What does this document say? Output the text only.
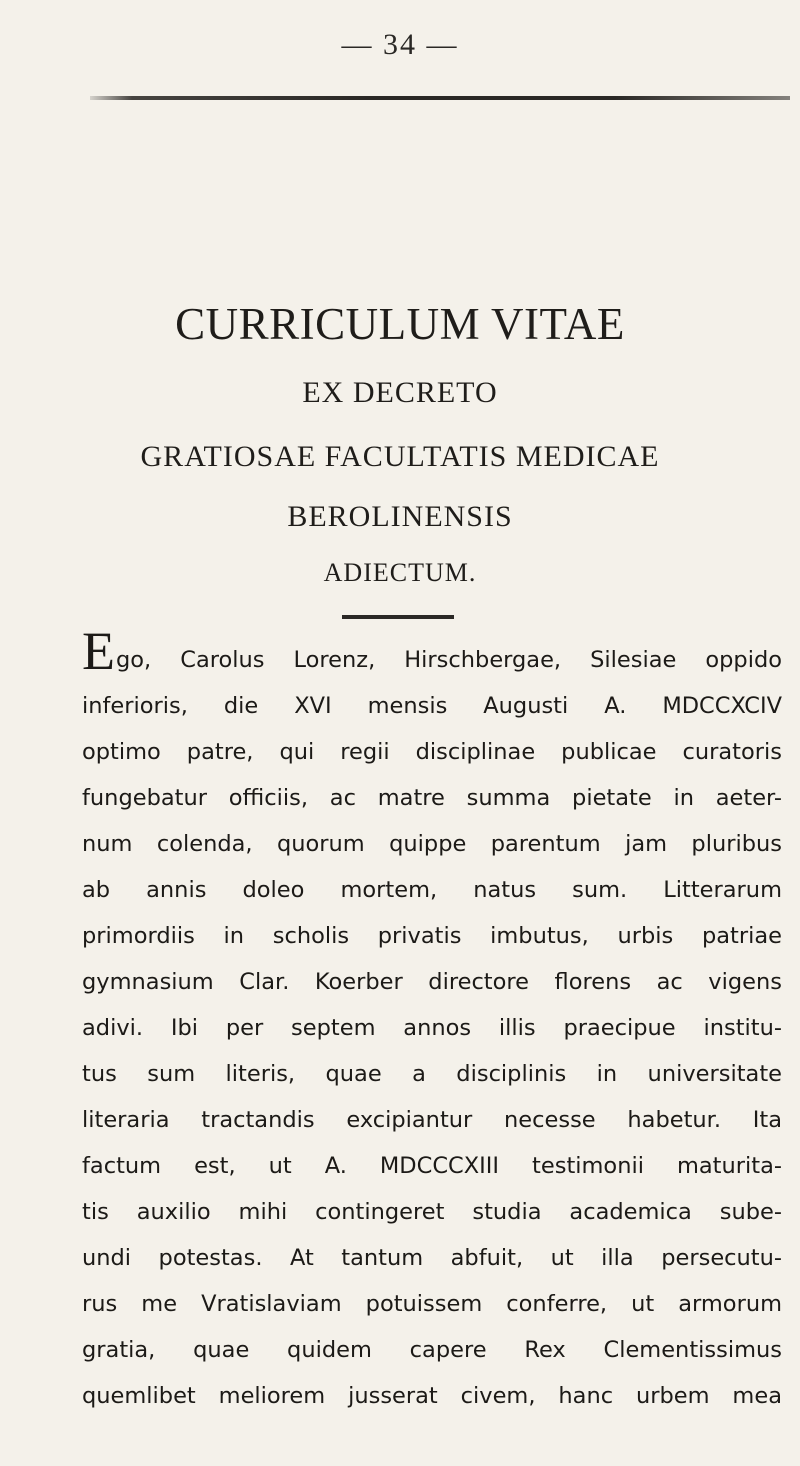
— 34 —
CURRICULUM VITAE
EX DECRETO
GRATIOSAE FACULTATIS MEDICAE
BEROLINENSIS
ADIECTUM.
Ego, Carolus Lorenz, Hirschbergae, Silesiae oppido
inferioris, die XVI mensis Augusti A. MDCCXCIV
optimo patre, qui regii disciplinae publicae curatoris
fungebatur officiis, ac matre summa pietate in aeter-
num colenda, quorum quippe parentum jam pluribus
ab annis doleo mortem, natus sum. Litterarum
primordiis in scholis privatis imbutus, urbis patriae
gymnasium Clar. Koerber directore florens ac vigens
adivi. Ibi per septem annos illis praecipue institu-
tus sum literis, quae a disciplinis in universitate
literaria tractandis excipiantur necesse habetur. Ita
factum est, ut A. MDCCCXIII testimonii maturita-
tis auxilio mihi contingeret studia academica sube-
undi potestas. At tantum abfuit, ut illa persecutu-
rus me Vratislaviam potuissem conferre, ut armorum
gratia, quae quidem capere Rex Clementissimus
quemlibet meliorem jusserat civem, hanc urbem mea
